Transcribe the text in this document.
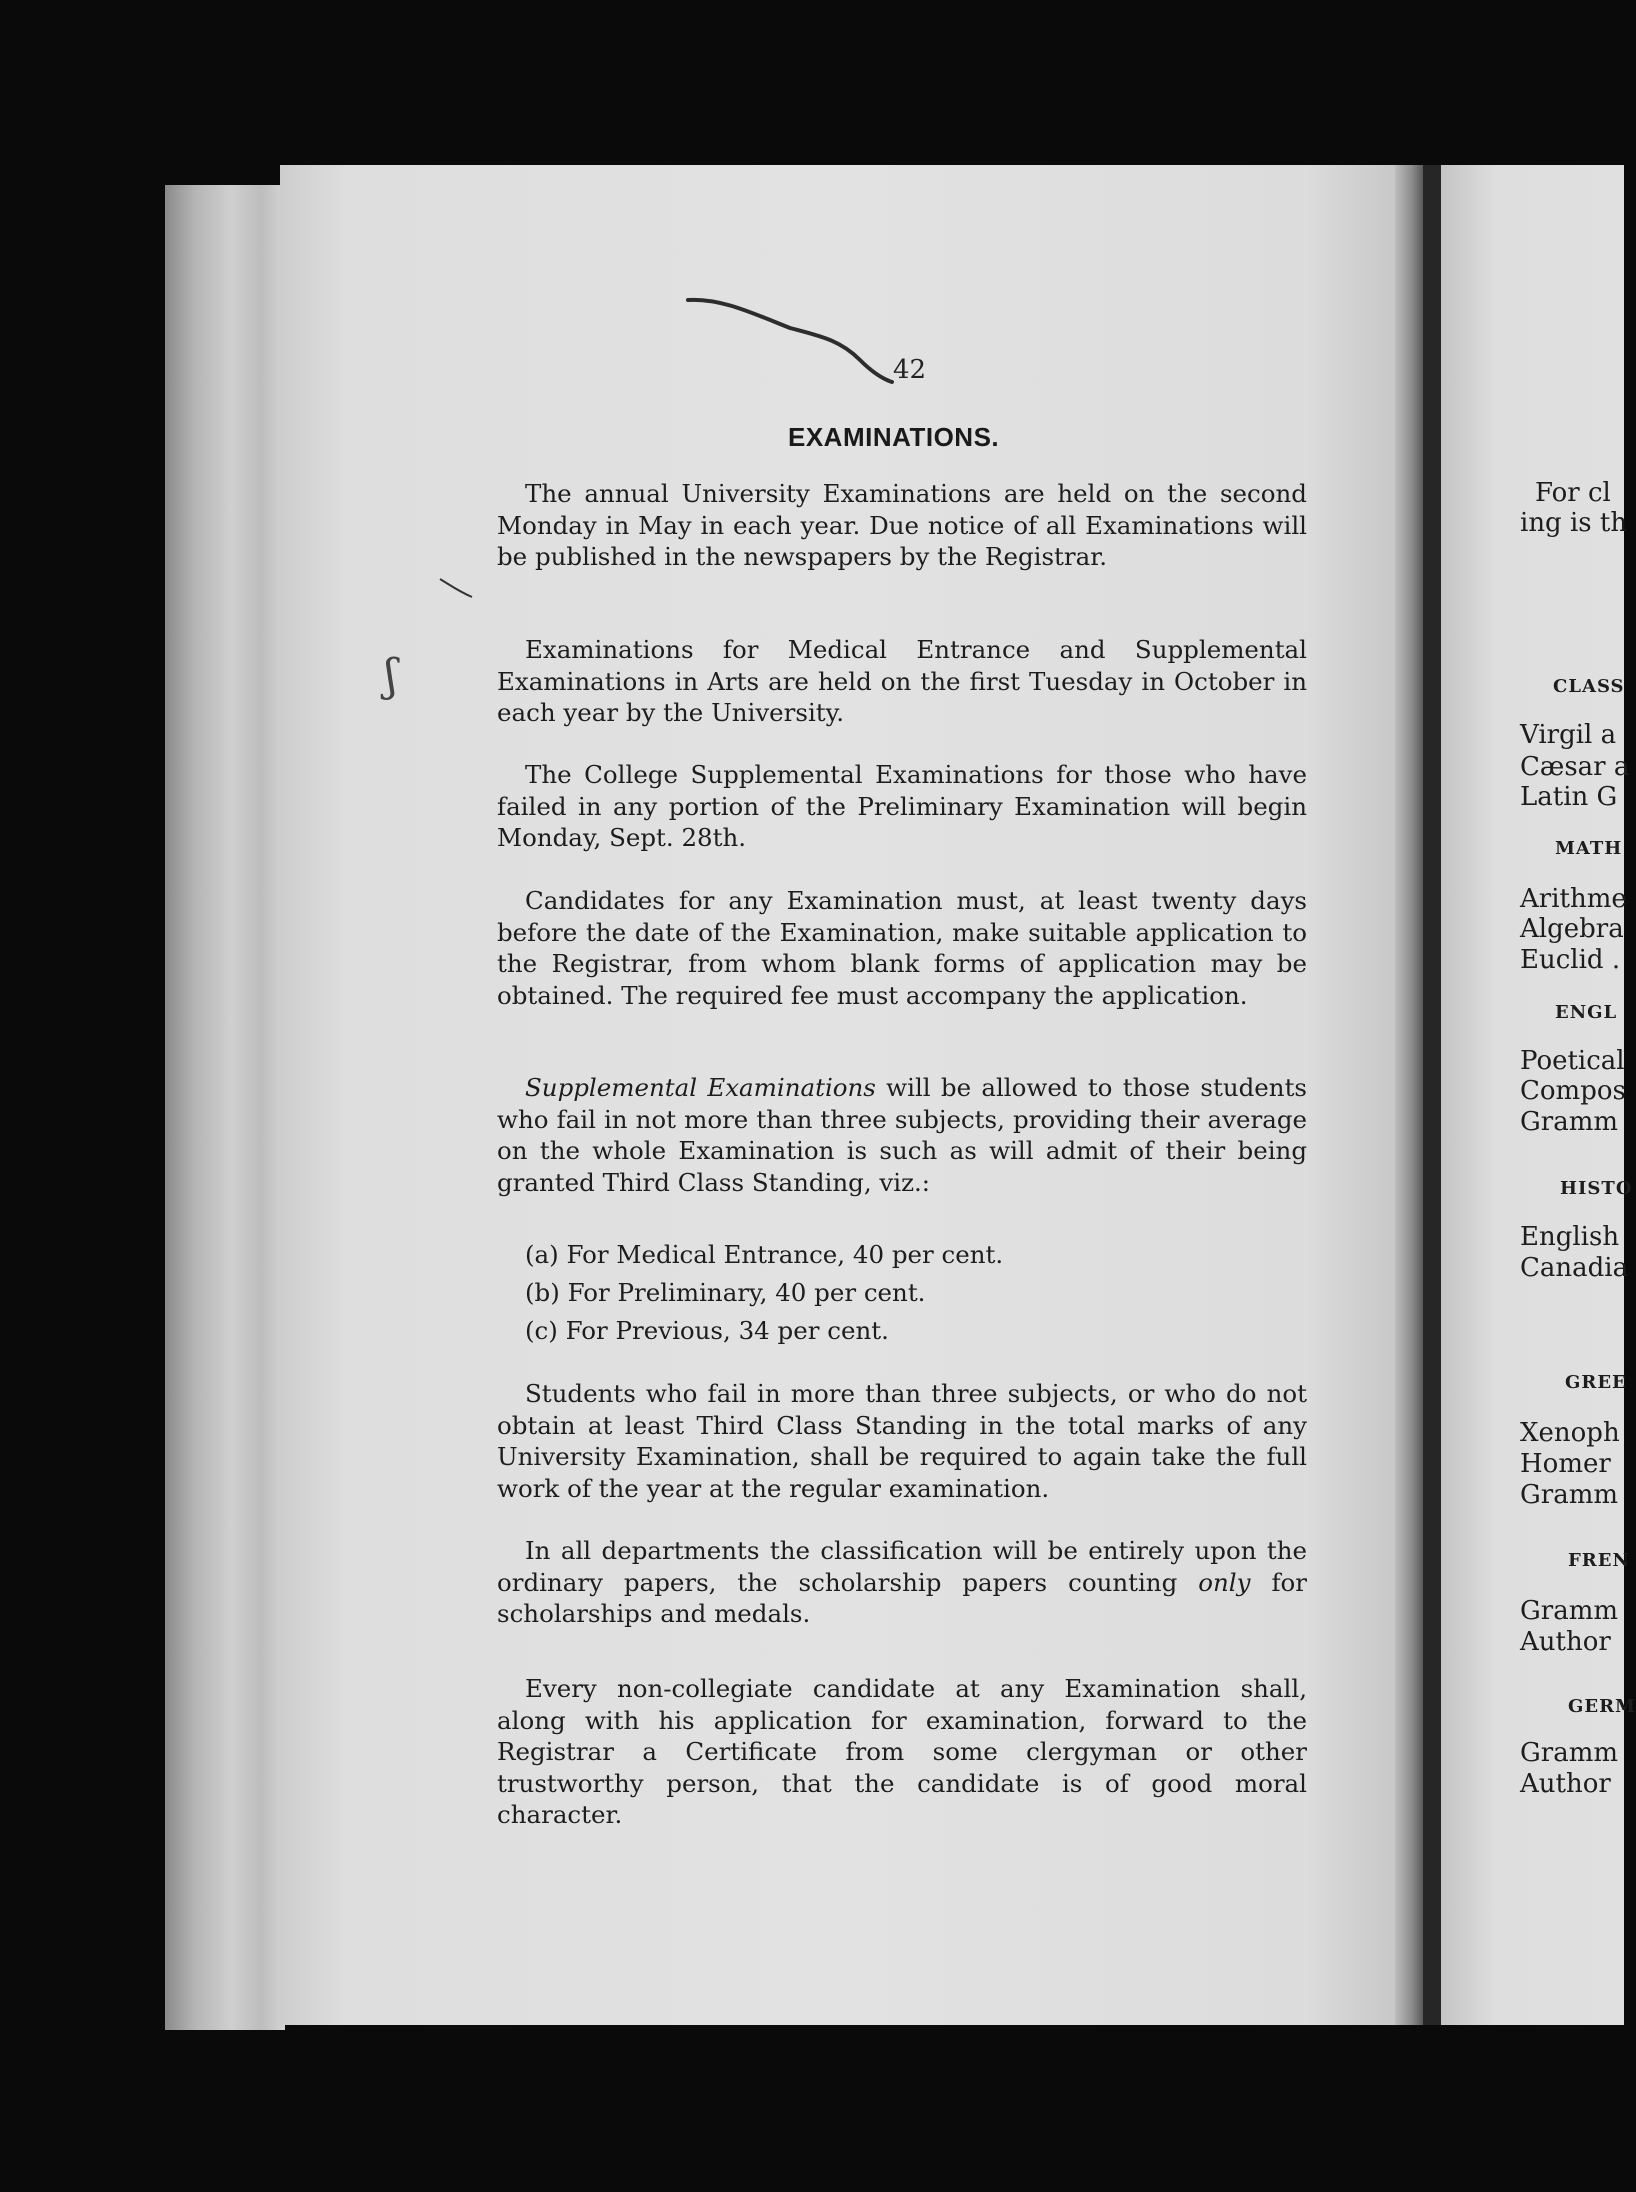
ʃ
42
EXAMINATIONS.
The annual University Examinations are held on the second Monday in May in each year. Due notice of all Examinations will be published in the newspapers by the Registrar.
Examinations for Medical Entrance and Supplemental Examinations in Arts are held on the first Tuesday in October in each year by the University.
The College Supplemental Examinations for those who have failed in any portion of the Preliminary Examination will begin Monday, Sept. 28th.
Candidates for any Examination must, at least twenty days before the date of the Examination, make suitable application to the Registrar, from whom blank forms of application may be obtained. The required fee must accompany the application.
Supplemental Examinations will be allowed to those students who fail in not more than three subjects, providing their average on the whole Examination is such as will admit of their being granted Third Class Standing, viz.:
(a) For Medical Entrance, 40 per cent.
(b) For Preliminary, 40 per cent.
(c) For Previous, 34 per cent.
Students who fail in more than three subjects, or who do not obtain at least Third Class Standing in the total marks of any University Examination, shall be required to again take the full work of the year at the regular examination.
In all departments the classification will be entirely upon the ordinary papers, the scholarship papers counting only for scholarships and medals.
Every non-collegiate candidate at any Examination shall, along with his application for examination, forward to the Registrar a Certificate from some clergyman or other trustworthy person, that the candidate is of good moral character.
For cl
ing is th
CLASS
Virgil a
Cæsar a
Latin G
MATH
Arithme
Algebra
Euclid .
ENGL
Poetical
Compos
Gramm
HISTO
English
Canadia
GREE
Xenoph
Homer
Gramm
FREN
Gramm
Author
GERM
Gramm
Author
